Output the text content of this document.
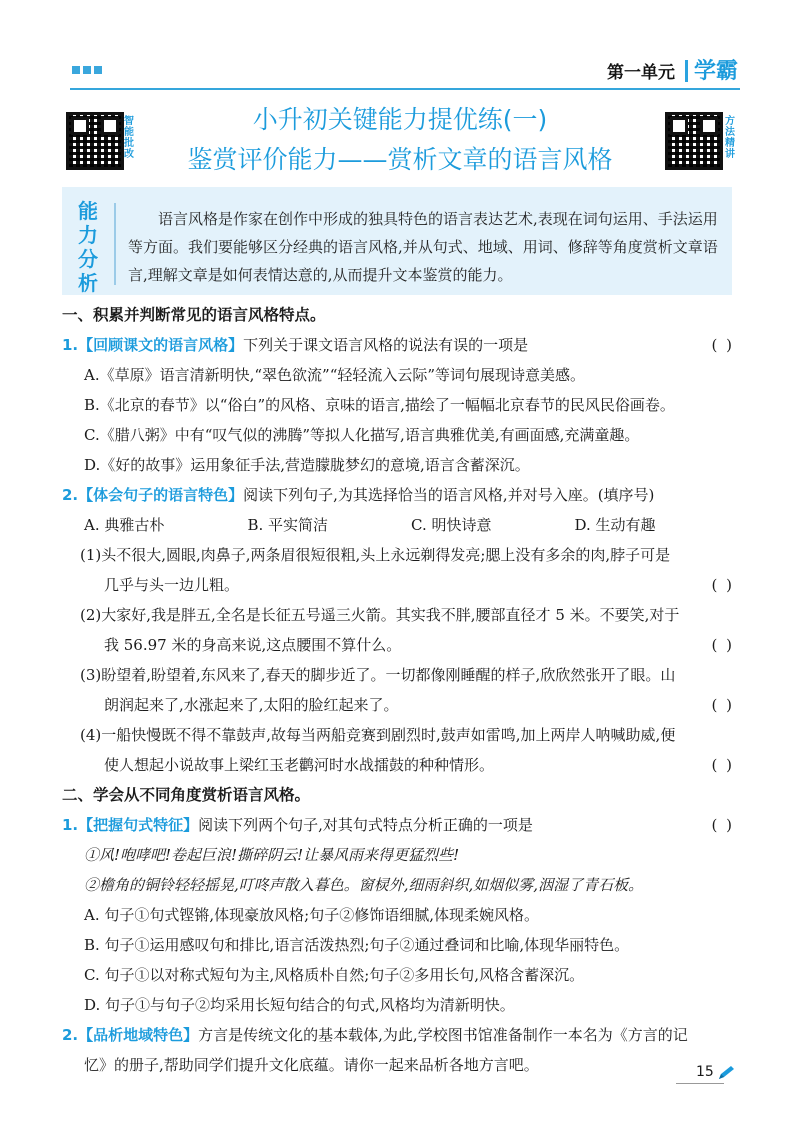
第一单元 学霸
智能批改
方法精讲
小升初关键能力提优练(一)
鉴赏评价能力——赏析文章的语言风格
能力分析
语言风格是作家在创作中形成的独具特色的语言表达艺术,表现在词句运用、手法运用等方面。我们要能够区分经典的语言风格,并从句式、地域、用词、修辞等角度赏析文章语言,理解文章是如何表情达意的,从而提升文本鉴赏的能力。
一、积累并判断常见的语言风格特点。
1.【回顾课文的语言风格】下列关于课文语言风格的说法有误的一项是	( )
A.《草原》语言清新明快,“翠色欲流”“轻轻流入云际”等词句展现诗意美感。
B.《北京的春节》以“俗白”的风格、京味的语言,描绘了一幅幅北京春节的民风民俗画卷。
C.《腊八粥》中有“叹气似的沸腾”等拟人化描写,语言典雅优美,有画面感,充满童趣。
D.《好的故事》运用象征手法,营造朦胧梦幻的意境,语言含蓄深沉。
2.【体会句子的语言特色】阅读下列句子,为其选择恰当的语言风格,并对号入座。(填序号)
A. 典雅古朴	B. 平实简洁	C. 明快诗意	D. 生动有趣
(1)头不很大,圆眼,肉鼻子,两条眉很短很粗,头上永远剃得发亮;腮上没有多余的肉,脖子可是
几乎与头一边儿粗。	( )
(2)大家好,我是胖五,全名是长征五号遥三火箭。其实我不胖,腰部直径才 5 米。不要笑,对于
我 56.97 米的身高来说,这点腰围不算什么。	( )
(3)盼望着,盼望着,东风来了,春天的脚步近了。一切都像刚睡醒的样子,欣欣然张开了眼。山
朗润起来了,水涨起来了,太阳的脸红起来了。	( )
(4)一船快慢既不得不靠鼓声,故每当两船竞赛到剧烈时,鼓声如雷鸣,加上两岸人呐喊助威,便
使人想起小说故事上梁红玉老鹳河时水战擂鼓的种种情形。	( )
二、学会从不同角度赏析语言风格。
1.【把握句式特征】阅读下列两个句子,对其句式特点分析正确的一项是	( )
①风!咆哮吧!卷起巨浪!撕碎阴云!让暴风雨来得更猛烈些!
②檐角的铜铃轻轻摇晃,叮咚声散入暮色。窗棂外,细雨斜织,如烟似雾,洇湿了青石板。
A. 句子①句式铿锵,体现豪放风格;句子②修饰语细腻,体现柔婉风格。
B. 句子①运用感叹句和排比,语言活泼热烈;句子②通过叠词和比喻,体现华丽特色。
C. 句子①以对称式短句为主,风格质朴自然;句子②多用长句,风格含蓄深沉。
D. 句子①与句子②均采用长短句结合的句式,风格均为清新明快。
2.【品析地域特色】方言是传统文化的基本载体,为此,学校图书馆准备制作一本名为《方言的记
忆》的册子,帮助同学们提升文化底蕴。请你一起来品析各地方言吧。	15
